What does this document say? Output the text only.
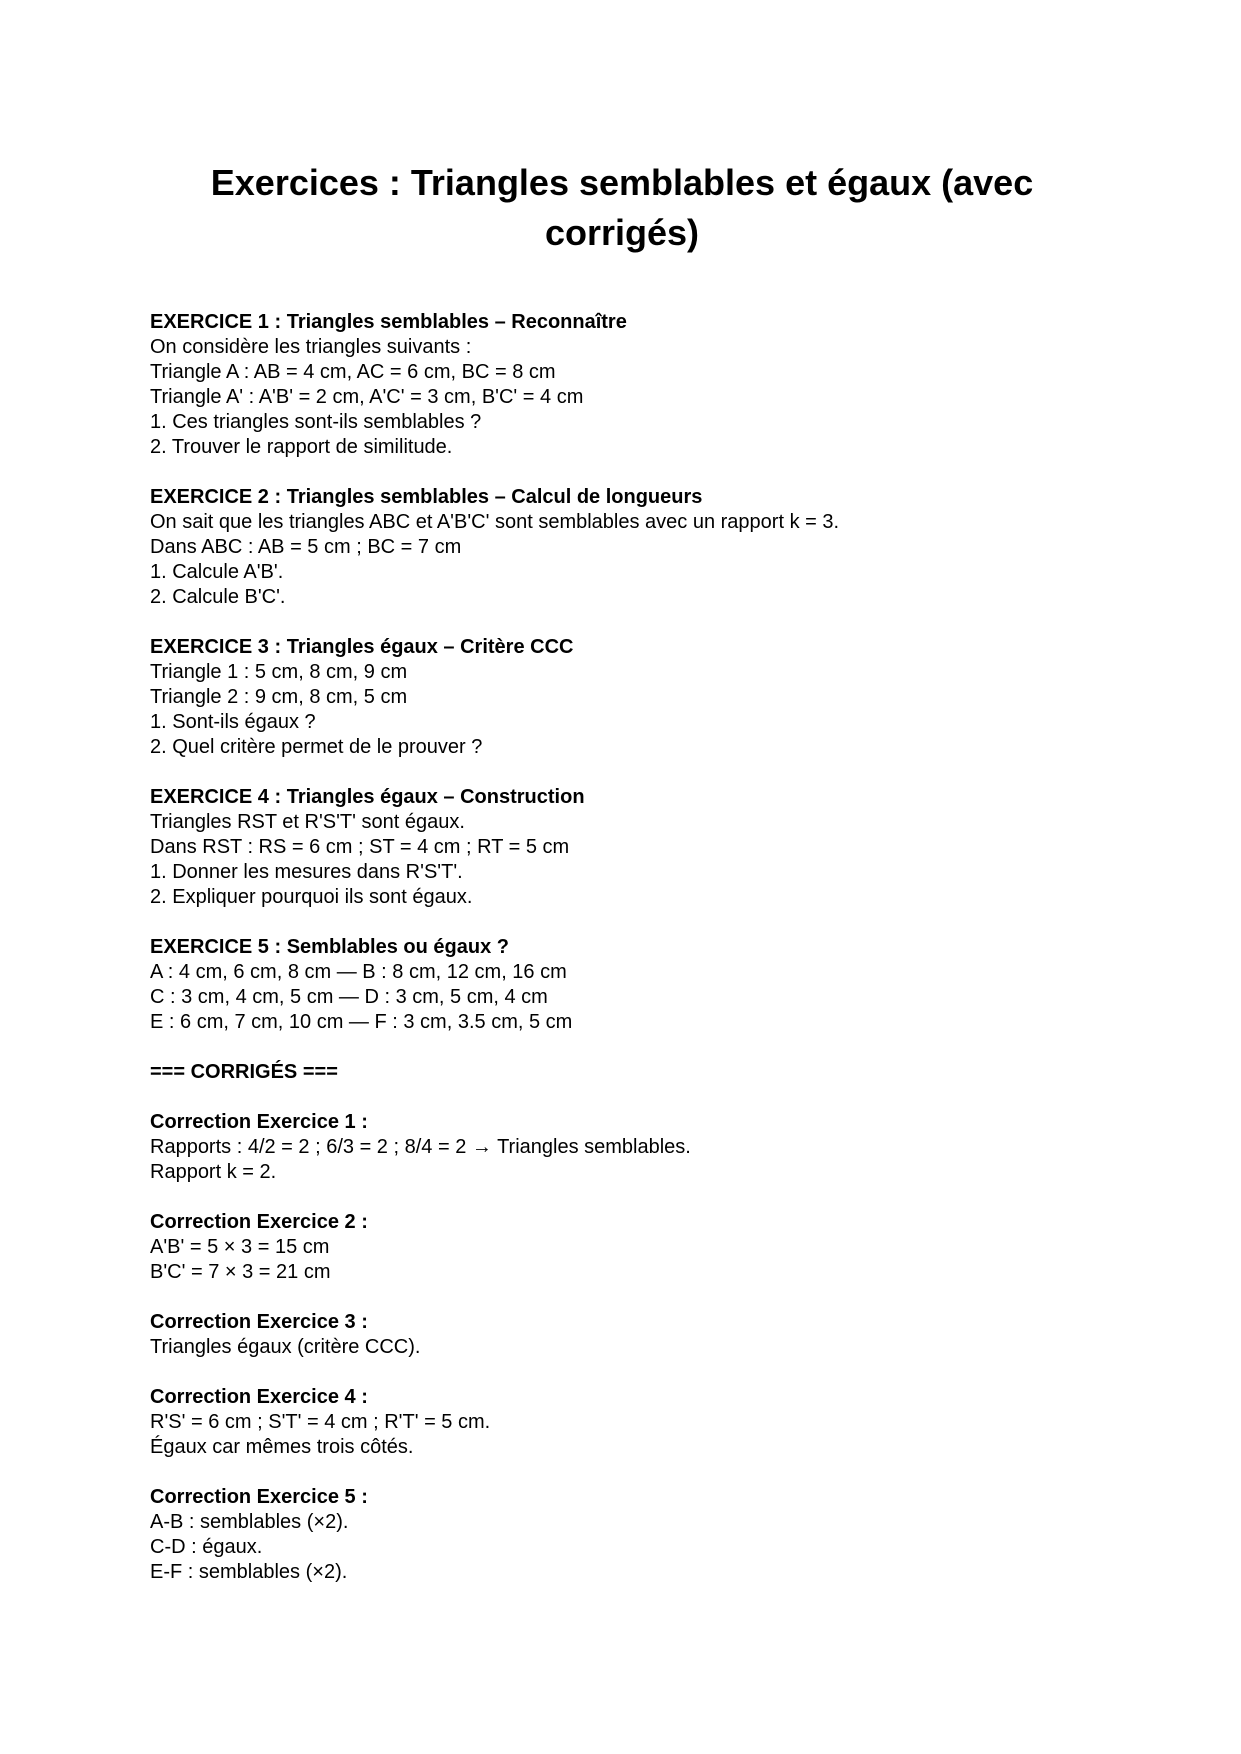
Exercices : Triangles semblables et égaux (avec corrigés)

EXERCICE 1 : Triangles semblables – Reconnaître

On considère les triangles suivants :

Triangle A : AB = 4 cm, AC = 6 cm, BC = 8 cm

Triangle A' : A'B' = 2 cm, A'C' = 3 cm, B'C' = 4 cm

1. Ces triangles sont-ils semblables ?

2. Trouver le rapport de similitude.

EXERCICE 2 : Triangles semblables – Calcul de longueurs

On sait que les triangles ABC et A'B'C' sont semblables avec un rapport k = 3.

Dans ABC : AB = 5 cm ; BC = 7 cm

1. Calcule A'B'.

2. Calcule B'C'.

EXERCICE 3 : Triangles égaux – Critère CCC

Triangle 1 : 5 cm, 8 cm, 9 cm

Triangle 2 : 9 cm, 8 cm, 5 cm

1. Sont-ils égaux ?

2. Quel critère permet de le prouver ?

EXERCICE 4 : Triangles égaux – Construction

Triangles RST et R'S'T' sont égaux.

Dans RST : RS = 6 cm ; ST = 4 cm ; RT = 5 cm

1. Donner les mesures dans R'S'T'.

2. Expliquer pourquoi ils sont égaux.

EXERCICE 5 : Semblables ou égaux ?

A : 4 cm, 6 cm, 8 cm — B : 8 cm, 12 cm, 16 cm

C : 3 cm, 4 cm, 5 cm — D : 3 cm, 5 cm, 4 cm

E : 6 cm, 7 cm, 10 cm — F : 3 cm, 3.5 cm, 5 cm

=== CORRIGÉS ===

Correction Exercice 1 :

Rapports : 4/2 = 2 ; 6/3 = 2 ; 8/4 = 2 → Triangles semblables.

Rapport k = 2.

Correction Exercice 2 :

A'B' = 5 × 3 = 15 cm

B'C' = 7 × 3 = 21 cm

Correction Exercice 3 :

Triangles égaux (critère CCC).

Correction Exercice 4 :

R'S' = 6 cm ; S'T' = 4 cm ; R'T' = 5 cm.

Égaux car mêmes trois côtés.

Correction Exercice 5 :

A-B : semblables (×2).

C-D : égaux.

E-F : semblables (×2).
